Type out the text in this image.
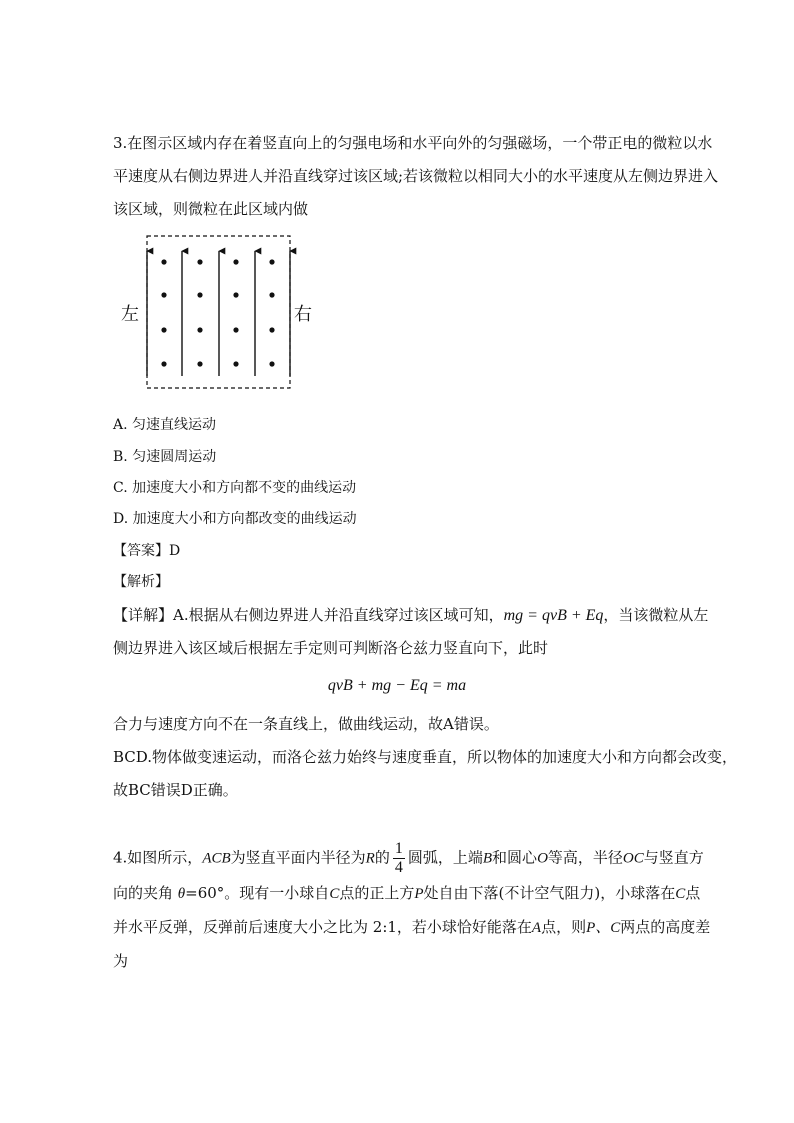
3.在图示区域内存在着竖直向上的匀强电场和水平向外的匀强磁场，一个带正电的微粒以水
平速度从右侧边界进人并沿直线穿过该区域;若该微粒以相同大小的水平速度从左侧边界进入
该区域，则微粒在此区域内做
左	右
A. 匀速直线运动
B. 匀速圆周运动
C. 加速度大小和方向都不变的曲线运动
D. 加速度大小和方向都改变的曲线运动
【答案】D
【解析】
【详解】A.根据从右侧边界进人并沿直线穿过该区域可知，mg = qvB + Eq，当该微粒从左
侧边界进入该区域后根据左手定则可判断洛仑兹力竖直向下，此时
qvB + mg − Eq = ma
合力与速度方向不在一条直线上，做曲线运动，故A错误。
BCD.物体做变速运动，而洛仑兹力始终与速度垂直，所以物体的加速度大小和方向都会改变，
故BC错误D正确。
4.如图所示，ACB为竖直平面内半径为R的 $\frac{1}{4}$ 圆弧，上端B和圆心O等高，半径OC与竖直方
向的夹角 θ=60°。现有一小球自C点的正上方P处自由下落(不计空气阻力)，小球落在C点
并水平反弹，反弹前后速度大小之比为 2:1，若小球恰好能落在A点，则P、C两点的高度差
为
